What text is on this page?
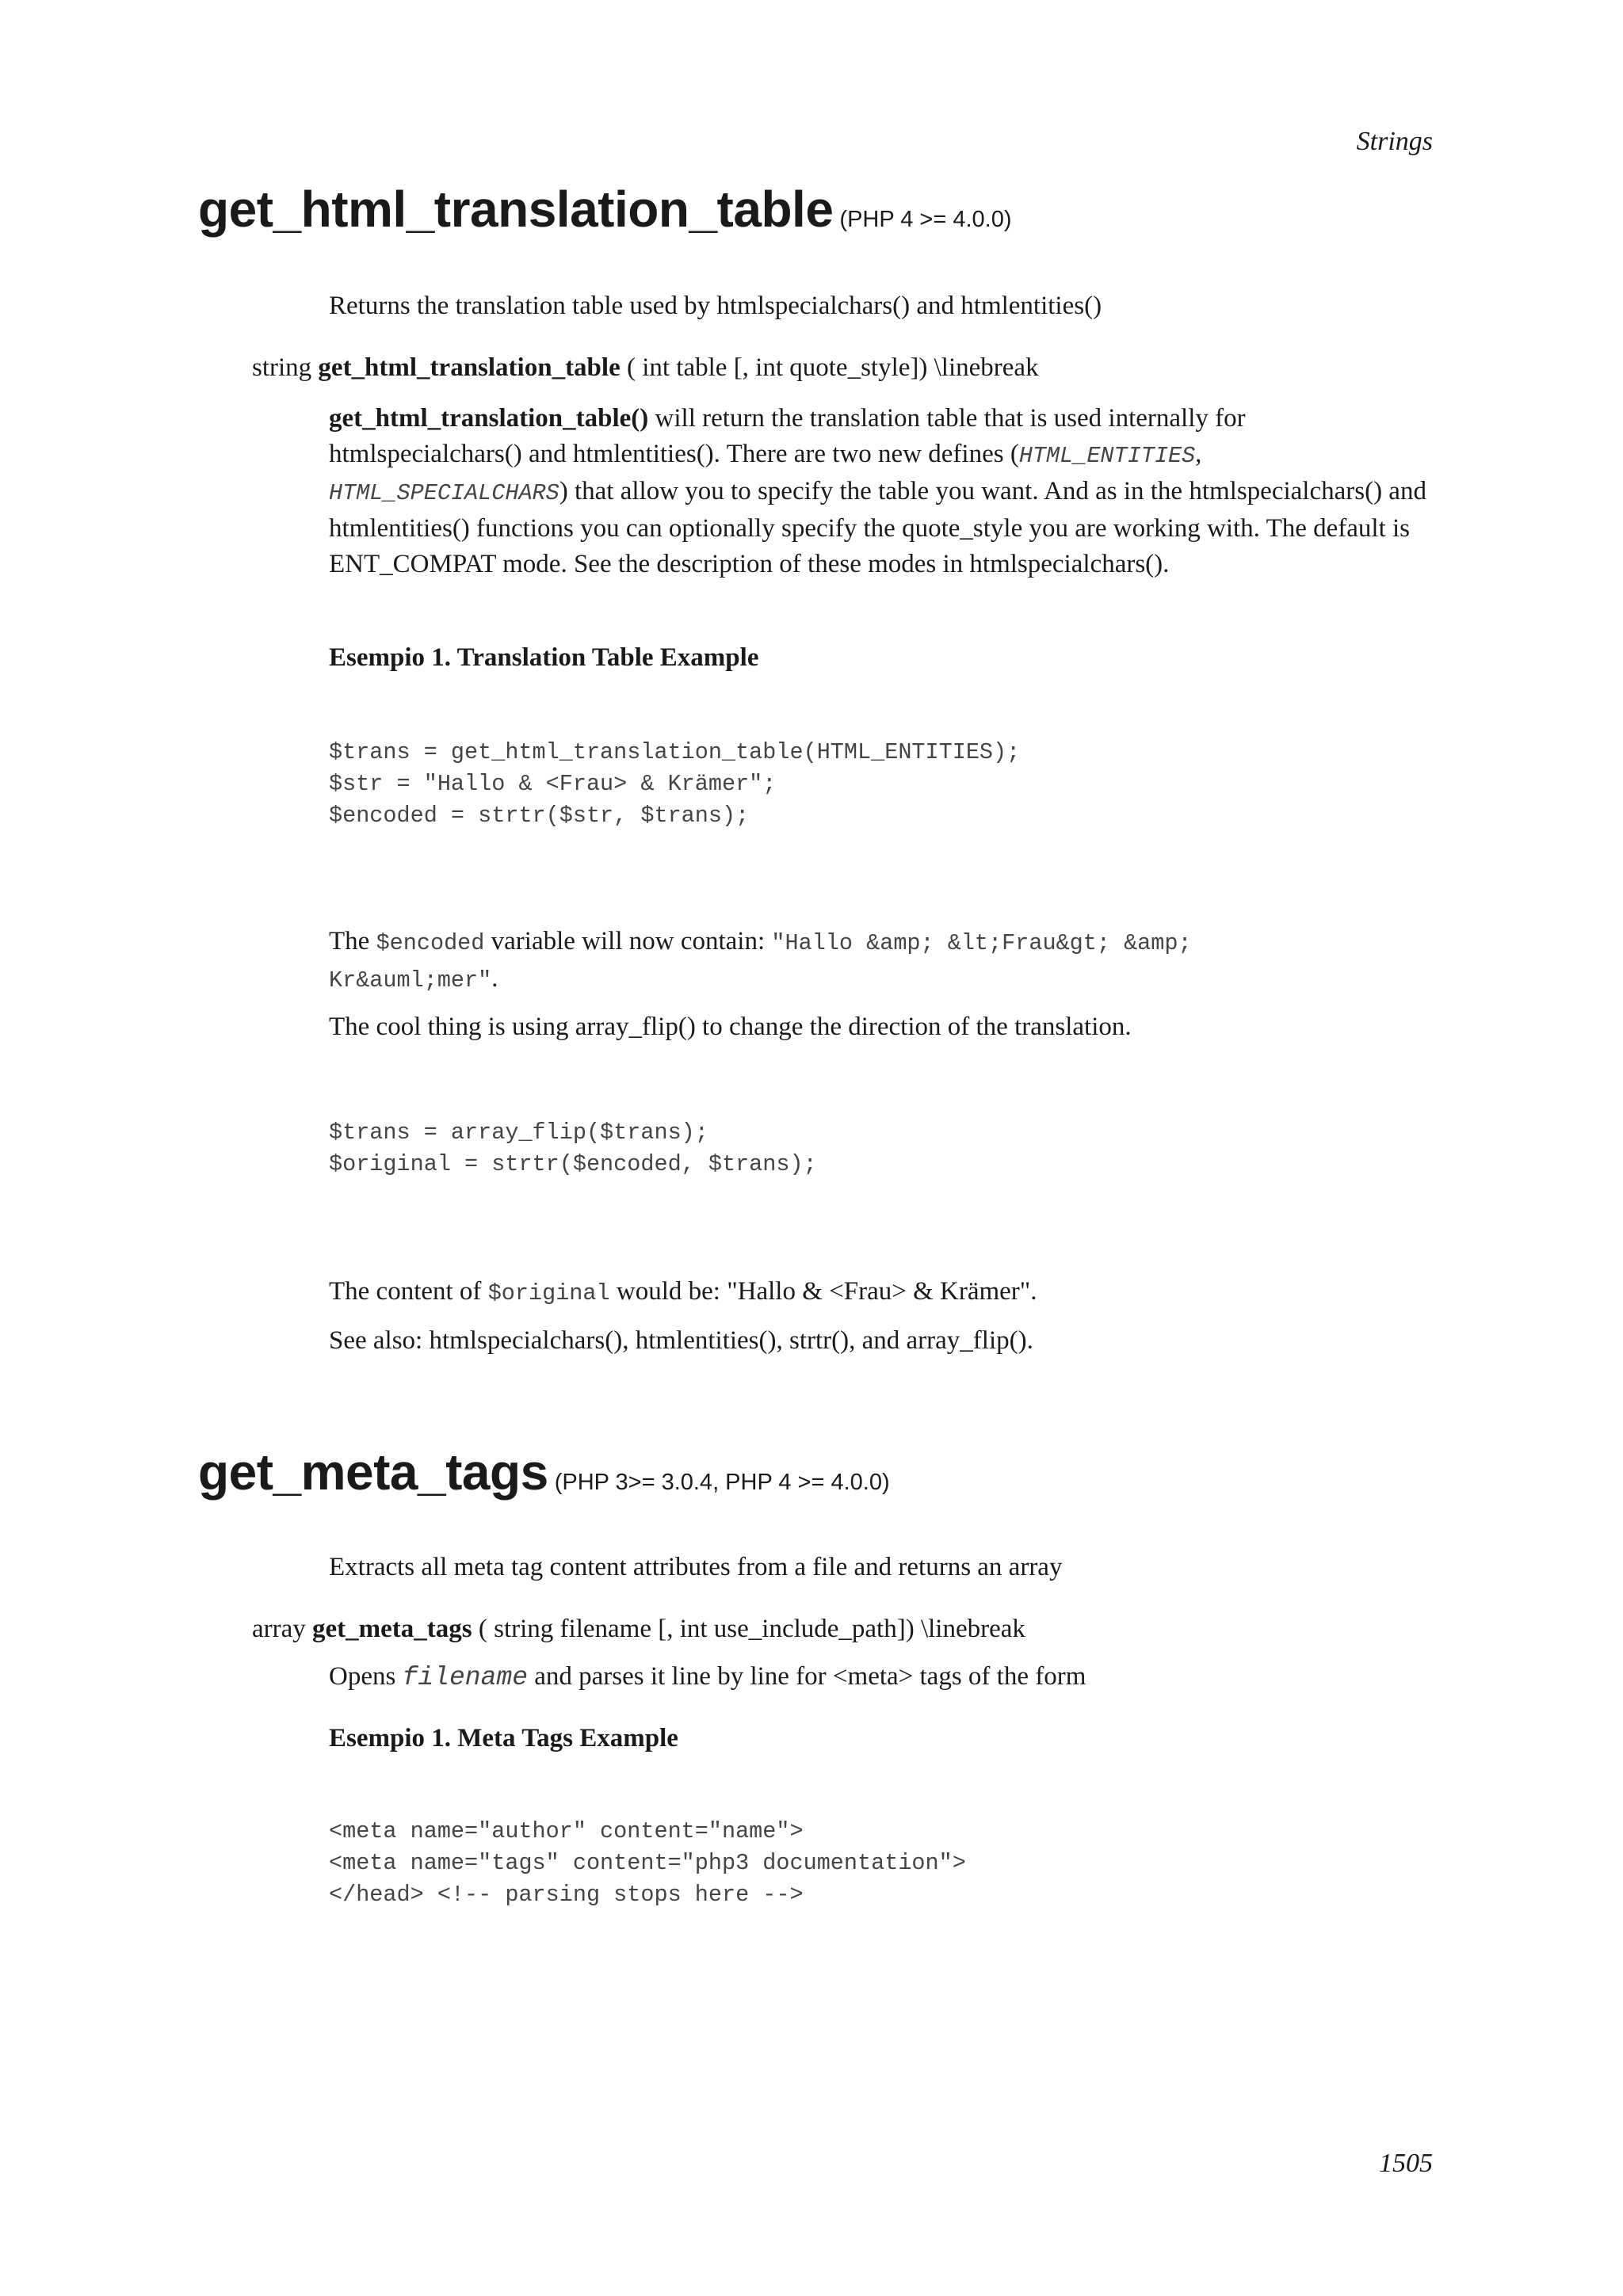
Strings
get_html_translation_table (PHP 4 >= 4.0.0)
Returns the translation table used by htmlspecialchars() and htmlentities()
string get_html_translation_table ( int table [, int quote_style]) \linebreak

get_html_translation_table() will return the translation table that is used internally for htmlspecialchars() and htmlentities(). There are two new defines (HTML_ENTITIES, HTML_SPECIALCHARS) that allow you to specify the table you want. And as in the htmlspecialchars() and htmlentities() functions you can optionally specify the quote_style you are working with. The default is ENT_COMPAT mode. See the description of these modes in htmlspecialchars().

Esempio 1. Translation Table Example
$trans = get_html_translation_table(HTML_ENTITIES);
$str = "Hallo & <Frau> & Krämer";
$encoded = strtr($str, $trans);

The $encoded variable will now contain: "Hallo &amp; &lt;Frau&gt; &amp;
Kr&auml;mer".

The cool thing is using array_flip() to change the direction of the translation.
$trans = array_flip($trans);
$original = strtr($encoded, $trans);
The content of $original would be: "Hallo & <Frau> & Krämer".
See also: htmlspecialchars(), htmlentities(), strtr(), and array_flip().
get_meta_tags (PHP 3>= 3.0.4, PHP 4 >= 4.0.0)
Extracts all meta tag content attributes from a file and returns an array
array get_meta_tags ( string filename [, int use_include_path]) \linebreak
Opens filename and parses it line by line for <meta> tags of the form
Esempio 1. Meta Tags Example
<meta name="author" content="name">
<meta name="tags" content="php3 documentation">
</head> <!-- parsing stops here -->
1505
